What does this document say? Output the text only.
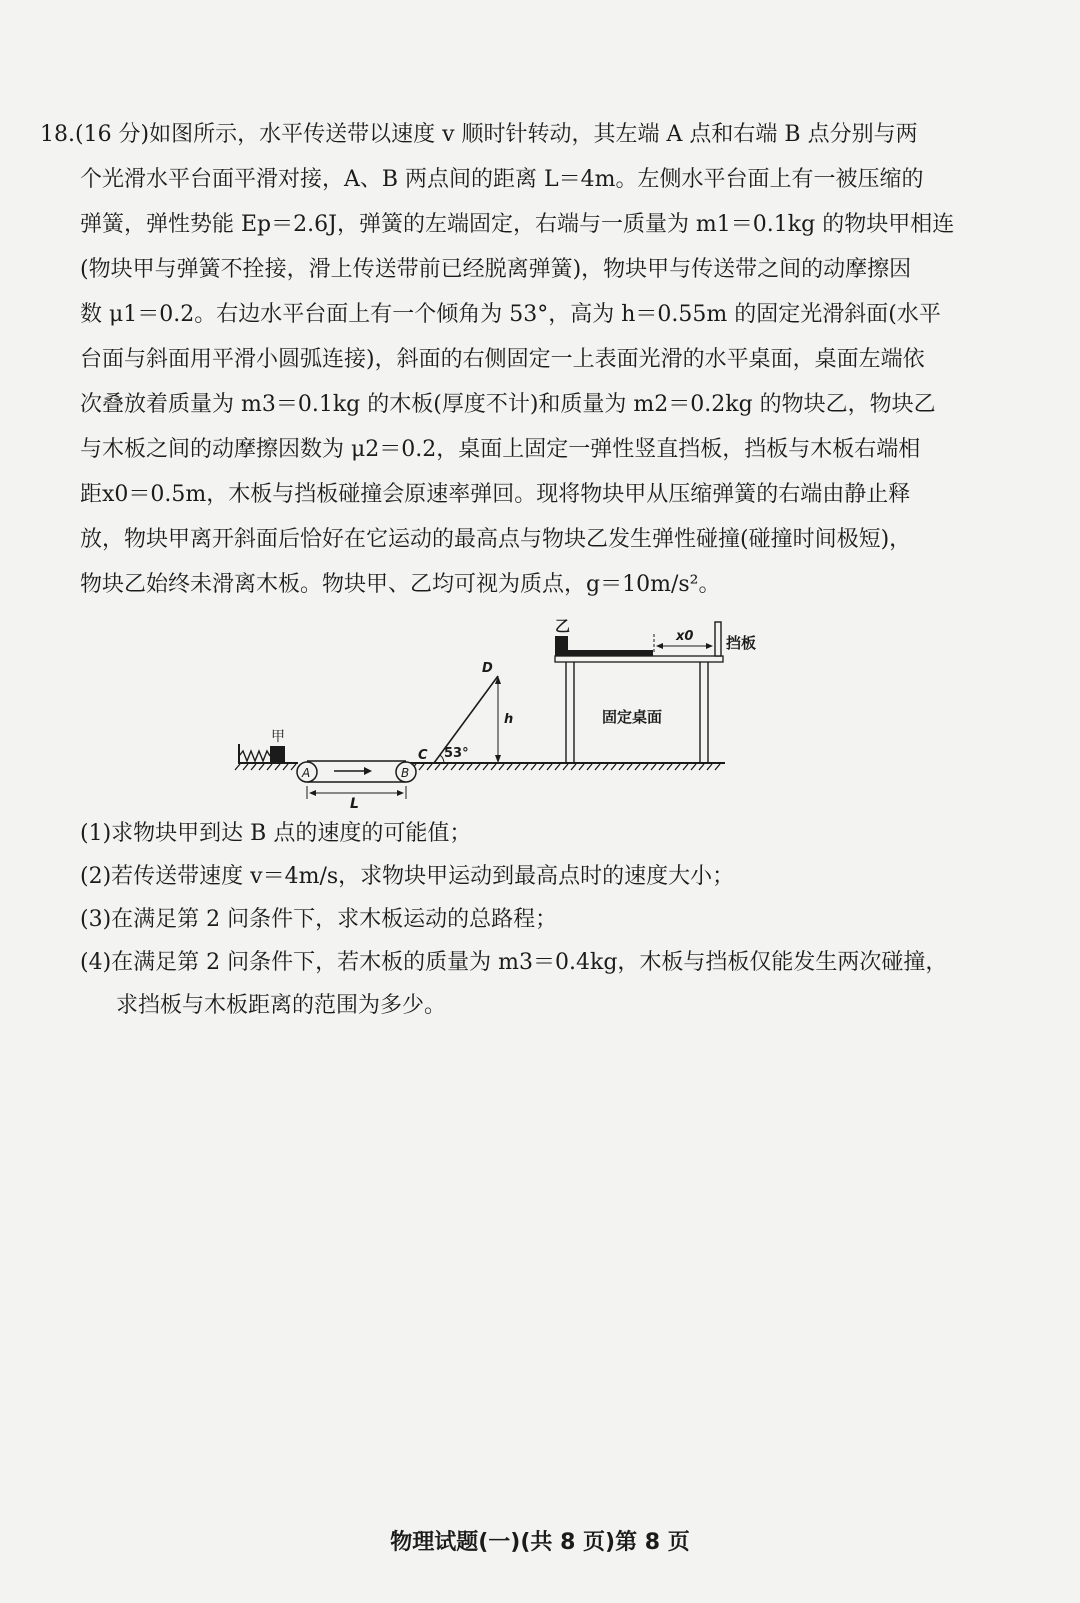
18.(16 分)如图所示，水平传送带以速度 v 顺时针转动，其左端 A 点和右端 B 点分别与两
个光滑水平台面平滑对接，A、B 两点间的距离 L＝4m。左侧水平台面上有一被压缩的
弹簧，弹性势能 Ep＝2.6J，弹簧的左端固定，右端与一质量为 m1＝0.1kg 的物块甲相连
(物块甲与弹簧不拴接，滑上传送带前已经脱离弹簧)，物块甲与传送带之间的动摩擦因
数 μ1＝0.2。右边水平台面上有一个倾角为 53°，高为 h＝0.55m 的固定光滑斜面(水平
台面与斜面用平滑小圆弧连接)，斜面的右侧固定一上表面光滑的水平桌面，桌面左端依
次叠放着质量为 m3＝0.1kg 的木板(厚度不计)和质量为 m2＝0.2kg 的物块乙，物块乙
与木板之间的动摩擦因数为 μ2＝0.2，桌面上固定一弹性竖直挡板，挡板与木板右端相
距x0＝0.5m，木板与挡板碰撞会原速率弹回。现将物块甲从压缩弹簧的右端由静止释
放，物块甲离开斜面后恰好在它运动的最高点与物块乙发生弹性碰撞(碰撞时间极短)，
物块乙始终未滑离木板。物块甲、乙均可视为质点，g＝10m/s²。

甲
A	B
L
h
D
C 53°
固定桌面
乙
x0 挡板
(1)求物块甲到达 B 点的速度的可能值；
(2)若传送带速度 v＝4m/s，求物块甲运动到最高点时的速度大小；
(3)在满足第 2 问条件下，求木板运动的总路程；
(4)在满足第 2 问条件下，若木板的质量为 m3＝0.4kg，木板与挡板仅能发生两次碰撞，
求挡板与木板距离的范围为多少。
物理试题(一)(共 8 页)第 8 页
